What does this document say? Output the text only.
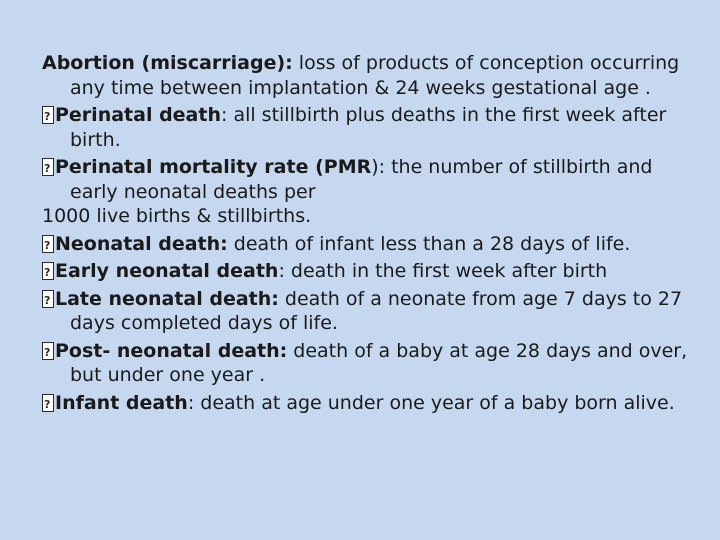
Abortion (miscarriage): loss of products of conception occurring any time between implantation & 24 weeks gestational age .

?Perinatal death: all stillbirth plus deaths in the first week after birth.

?Perinatal mortality rate (PMR): the number of stillbirth and early neonatal deaths per
1000 live births & stillbirths.

?Neonatal death: death of infant less than a 28 days of life.

?Early neonatal death: death in the first week after birth

?Late neonatal death: death of a neonate from age 7 days to 27 days completed days of life.

?Post- neonatal death: death of a baby at age 28 days and over, but under one year .

?Infant death: death at age under one year of a baby born alive.
